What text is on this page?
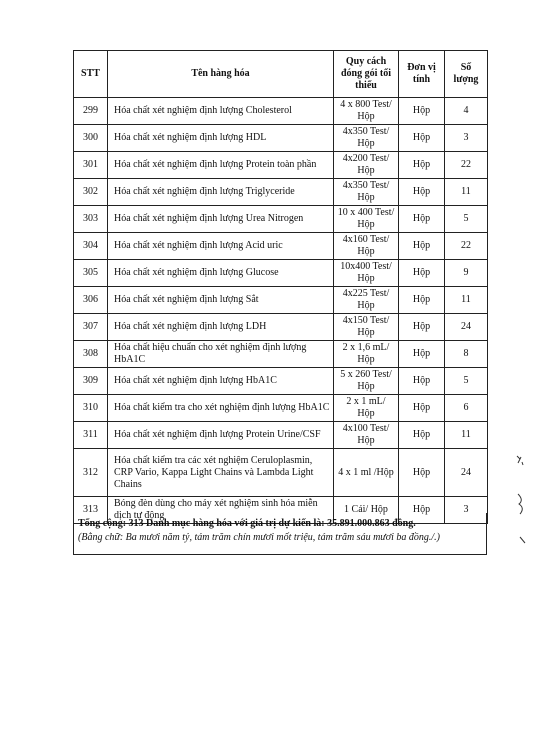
STT	Tên hàng hóa	Quy cách đóng gói tối thiểu	Đơn vị tính	Số lượng
299	Hóa chất xét nghiệm định lượng Cholesterol	4 x 800 Test/ Hộp	Hộp	4
300	Hóa chất xét nghiệm định lượng HDL	4x350 Test/ Hộp	Hộp	3
301	Hóa chất xét nghiệm định lượng Protein toàn phần	4x200 Test/ Hộp	Hộp	22
302	Hóa chất xét nghiệm định lượng Triglyceride	4x350 Test/ Hộp	Hộp	11
303	Hóa chất xét nghiệm định lượng Urea Nitrogen	10 x 400 Test/ Hộp	Hộp	5
304	Hóa chất xét nghiệm định lượng Acid uric	4x160 Test/ Hộp	Hộp	22
305	Hóa chất xét nghiệm định lượng Glucose	10x400 Test/ Hộp	Hộp	9
306	Hóa chất xét nghiệm định lượng Sắt	4x225 Test/ Hộp	Hộp	11
307	Hóa chất xét nghiệm định lượng LDH	4x150 Test/ Hộp	Hộp	24
308	Hóa chất hiệu chuẩn cho xét nghiệm định lượng HbA1C	2 x 1,6 mL/ Hộp	Hộp	8
309	Hóa chất xét nghiệm định lượng HbA1C	5 x 260 Test/ Hộp	Hộp	5
310	Hóa chất kiểm tra cho xét nghiệm định lượng HbA1C	2 x 1 mL/ Hộp	Hộp	6
311	Hóa chất xét nghiệm định lượng Protein Urine/CSF	4x100 Test/ Hộp	Hộp	11
312	Hóa chất kiểm tra các xét nghiệm Ceruloplasmin, CRP Vario, Kappa Light Chains và Lambda Light Chains	4 x 1 ml /Hộp	Hộp	24
313	Bóng đèn dùng cho máy xét nghiệm sinh hóa miễn dịch tự động	1 Cái/ Hộp	Hộp	3
Tổng cộng: 313 Danh mục hàng hóa với giá trị dự kiến là: 35.891.000.863 đồng.
(Bằng chữ: Ba mươi năm tỷ, tám trăm chín mươi mốt triệu, tám trăm sáu mươi ba đồng./.)
